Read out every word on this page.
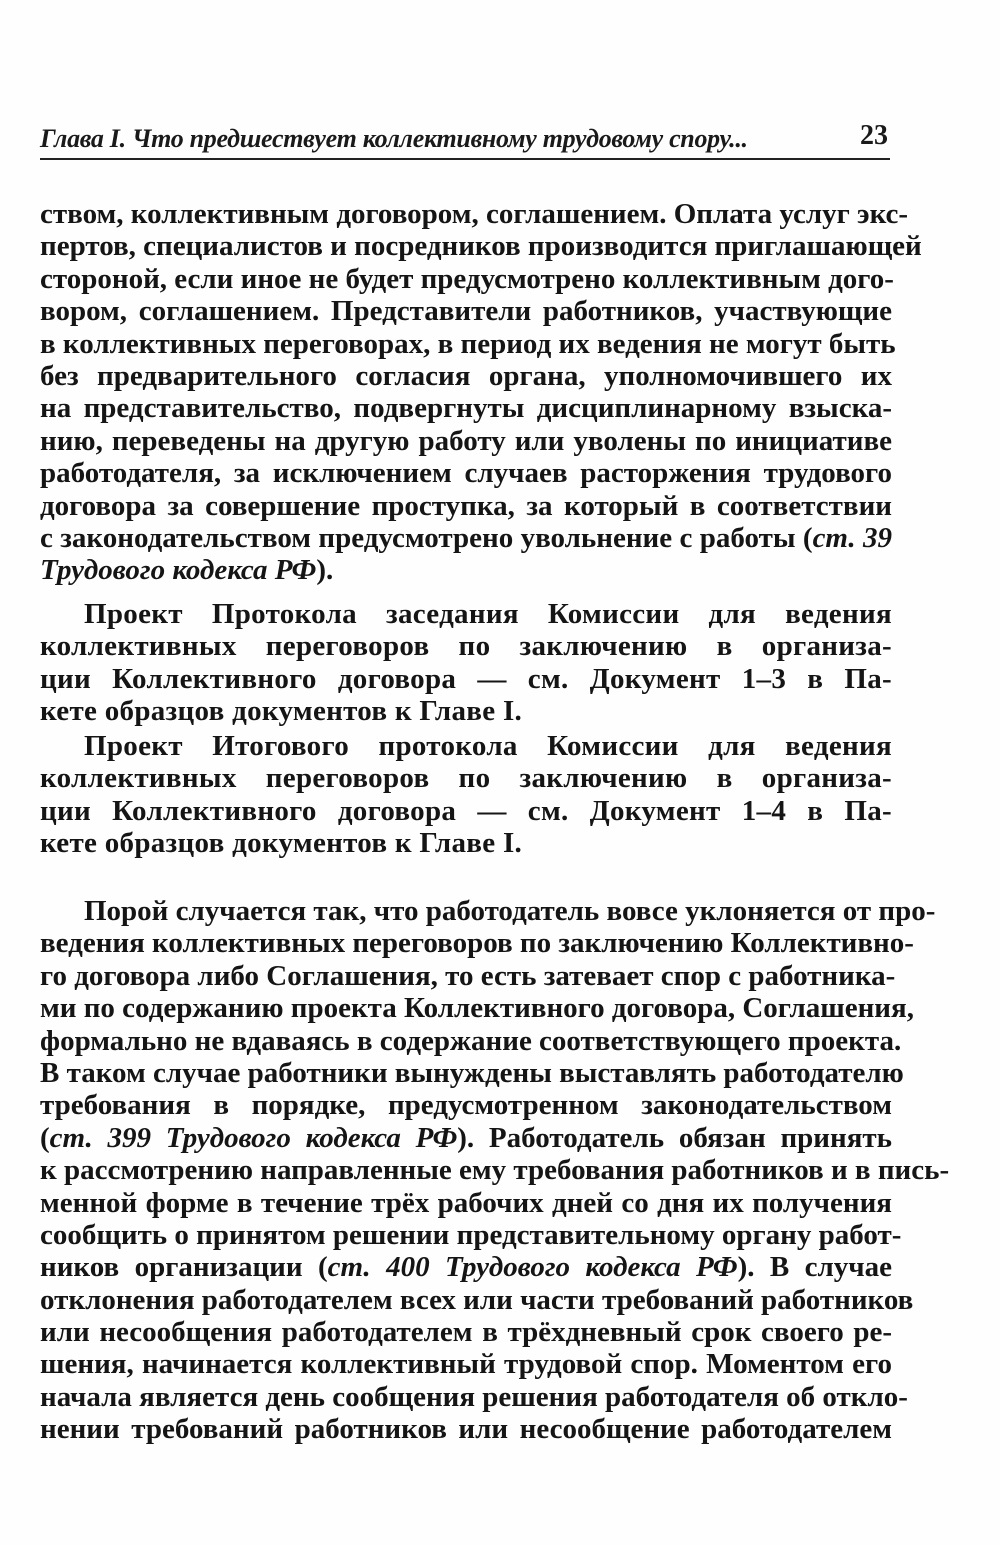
Глава I. Что предшествует коллективному трудовому спору...	23
ством, коллективным договором, соглашением. Оплата услуг экс-
пертов, специалистов и посредников производится приглашающей
стороной, если иное не будет предусмотрено коллективным дого-
вором, соглашением. Представители работников, участвующие
в коллективных переговорах, в период их ведения не могут быть
без предварительного согласия органа, уполномочившего их
на представительство, подвергнуты дисциплинарному взыска-
нию, переведены на другую работу или уволены по инициативе
работодателя, за исключением случаев расторжения трудового
договора за совершение проступка, за который в соответствии
с законодательством предусмотрено увольнение с работы (ст. 39
Трудового кодекса РФ).
Проект Протокола заседания Комиссии для ведения
коллективных переговоров по заключению в организа-
ции Коллективного договора — см. Документ 1–3 в Па-
кете образцов документов к Главе I.
Проект Итогового протокола Комиссии для ведения
коллективных переговоров по заключению в организа-
ции Коллективного договора — см. Документ 1–4 в Па-
кете образцов документов к Главе I.
Порой случается так, что работодатель вовсе уклоняется от про-
ведения коллективных переговоров по заключению Коллективно-
го договора либо Соглашения, то есть затевает спор с работника-
ми по содержанию проекта Коллективного договора, Соглашения,
формально не вдаваясь в содержание соответствующего проекта.
В таком случае работники вынуждены выставлять работодателю
требования в порядке, предусмотренном законодательством
(ст. 399 Трудового кодекса РФ). Работодатель обязан принять
к рассмотрению направленные ему требования работников и в пись-
менной форме в течение трёх рабочих дней со дня их получения
сообщить о принятом решении представительному органу работ-
ников организации (ст. 400 Трудового кодекса РФ). В случае
отклонения работодателем всех или части требований работников
или несообщения работодателем в трёхдневный срок своего ре-
шения, начинается коллективный трудовой спор. Моментом его
начала является день сообщения решения работодателя об откло-
нении требований работников или несообщение работодателем
